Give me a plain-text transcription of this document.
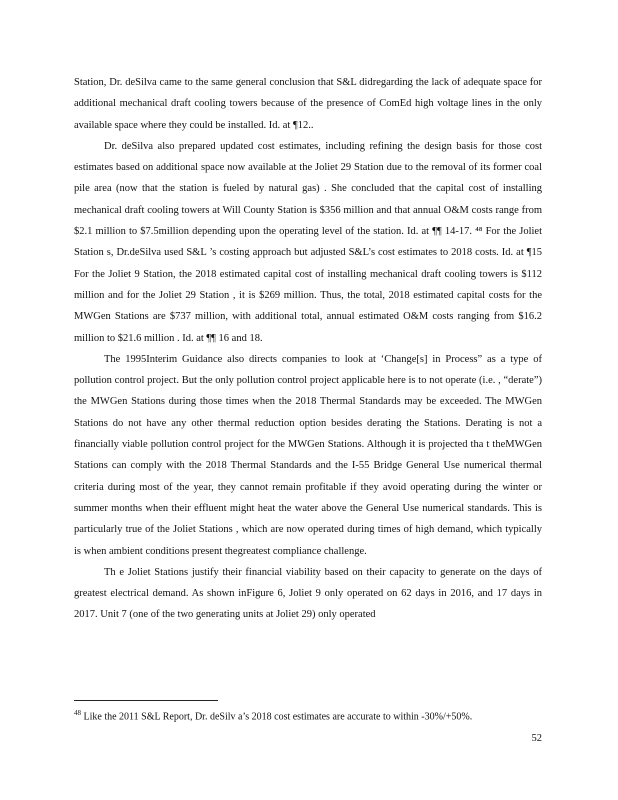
Station, Dr. deSilva came to the same general conclusion that S&L didregarding the lack of adequate space for additional mechanical draft cooling towers because of the presence of ComEd high voltage lines in the only available space where they could be installed. Id. at ¶12..

Dr. deSilva also prepared updated cost estimates, including refining the design basis for those cost estimates based on additional space now available at the Joliet 29 Station due to the removal of its former coal pile area (now that the station is fueled by natural gas) . She concluded that the capital cost of installing mechanical draft cooling towers at Will County Station is $356 million and that annual O&M costs range from $2.1 million to $7.5million depending upon the operating level of the station. Id. at ¶¶ 14-17. ⁴⁸ For the Joliet Station s, Dr.deSilva used S&L ’s costing approach but adjusted S&L’s cost estimates to 2018 costs. Id. at ¶15 For the Joliet 9 Station, the 2018 estimated capital cost of installing mechanical draft cooling towers is $112 million and for the Joliet 29 Station , it is $269 million. Thus, the total, 2018 estimated capital costs for the MWGen Stations are $737 million, with additional total, annual estimated O&M costs ranging from $16.2 million to $21.6 million . Id. at ¶¶ 16 and 18.

The 1995Interim Guidance also directs companies to look at ‘Change[s] in Process” as a type of pollution control project. But the only pollution control project applicable here is to not operate (i.e. , “derate”) the MWGen Stations during those times when the 2018 Thermal Standards may be exceeded. The MWGen Stations do not have any other thermal reduction option besides derating the Stations. Derating is not a financially viable pollution control project for the MWGen Stations. Although it is projected tha t theMWGen Stations can comply with the 2018 Thermal Standards and the I-55 Bridge General Use numerical thermal criteria during most of the year, they cannot remain profitable if they avoid operating during the winter or summer months when their effluent might heat the water above the General Use numerical standards. This is particularly true of the Joliet Stations , which are now operated during times of high demand, which typically is when ambient conditions present thegreatest compliance challenge.

Th e Joliet Stations justify their financial viability based on their capacity to generate on the days of greatest electrical demand. As shown inFigure 6, Joliet 9 only operated on 62 days in 2016, and 17 days in 2017. Unit 7 (one of the two generating units at Joliet 29) only operated

$^{48}$ Like the 2011 S&L Report, Dr. deSilv a’s 2018 cost estimates are accurate to within -30%/+50%.
52
